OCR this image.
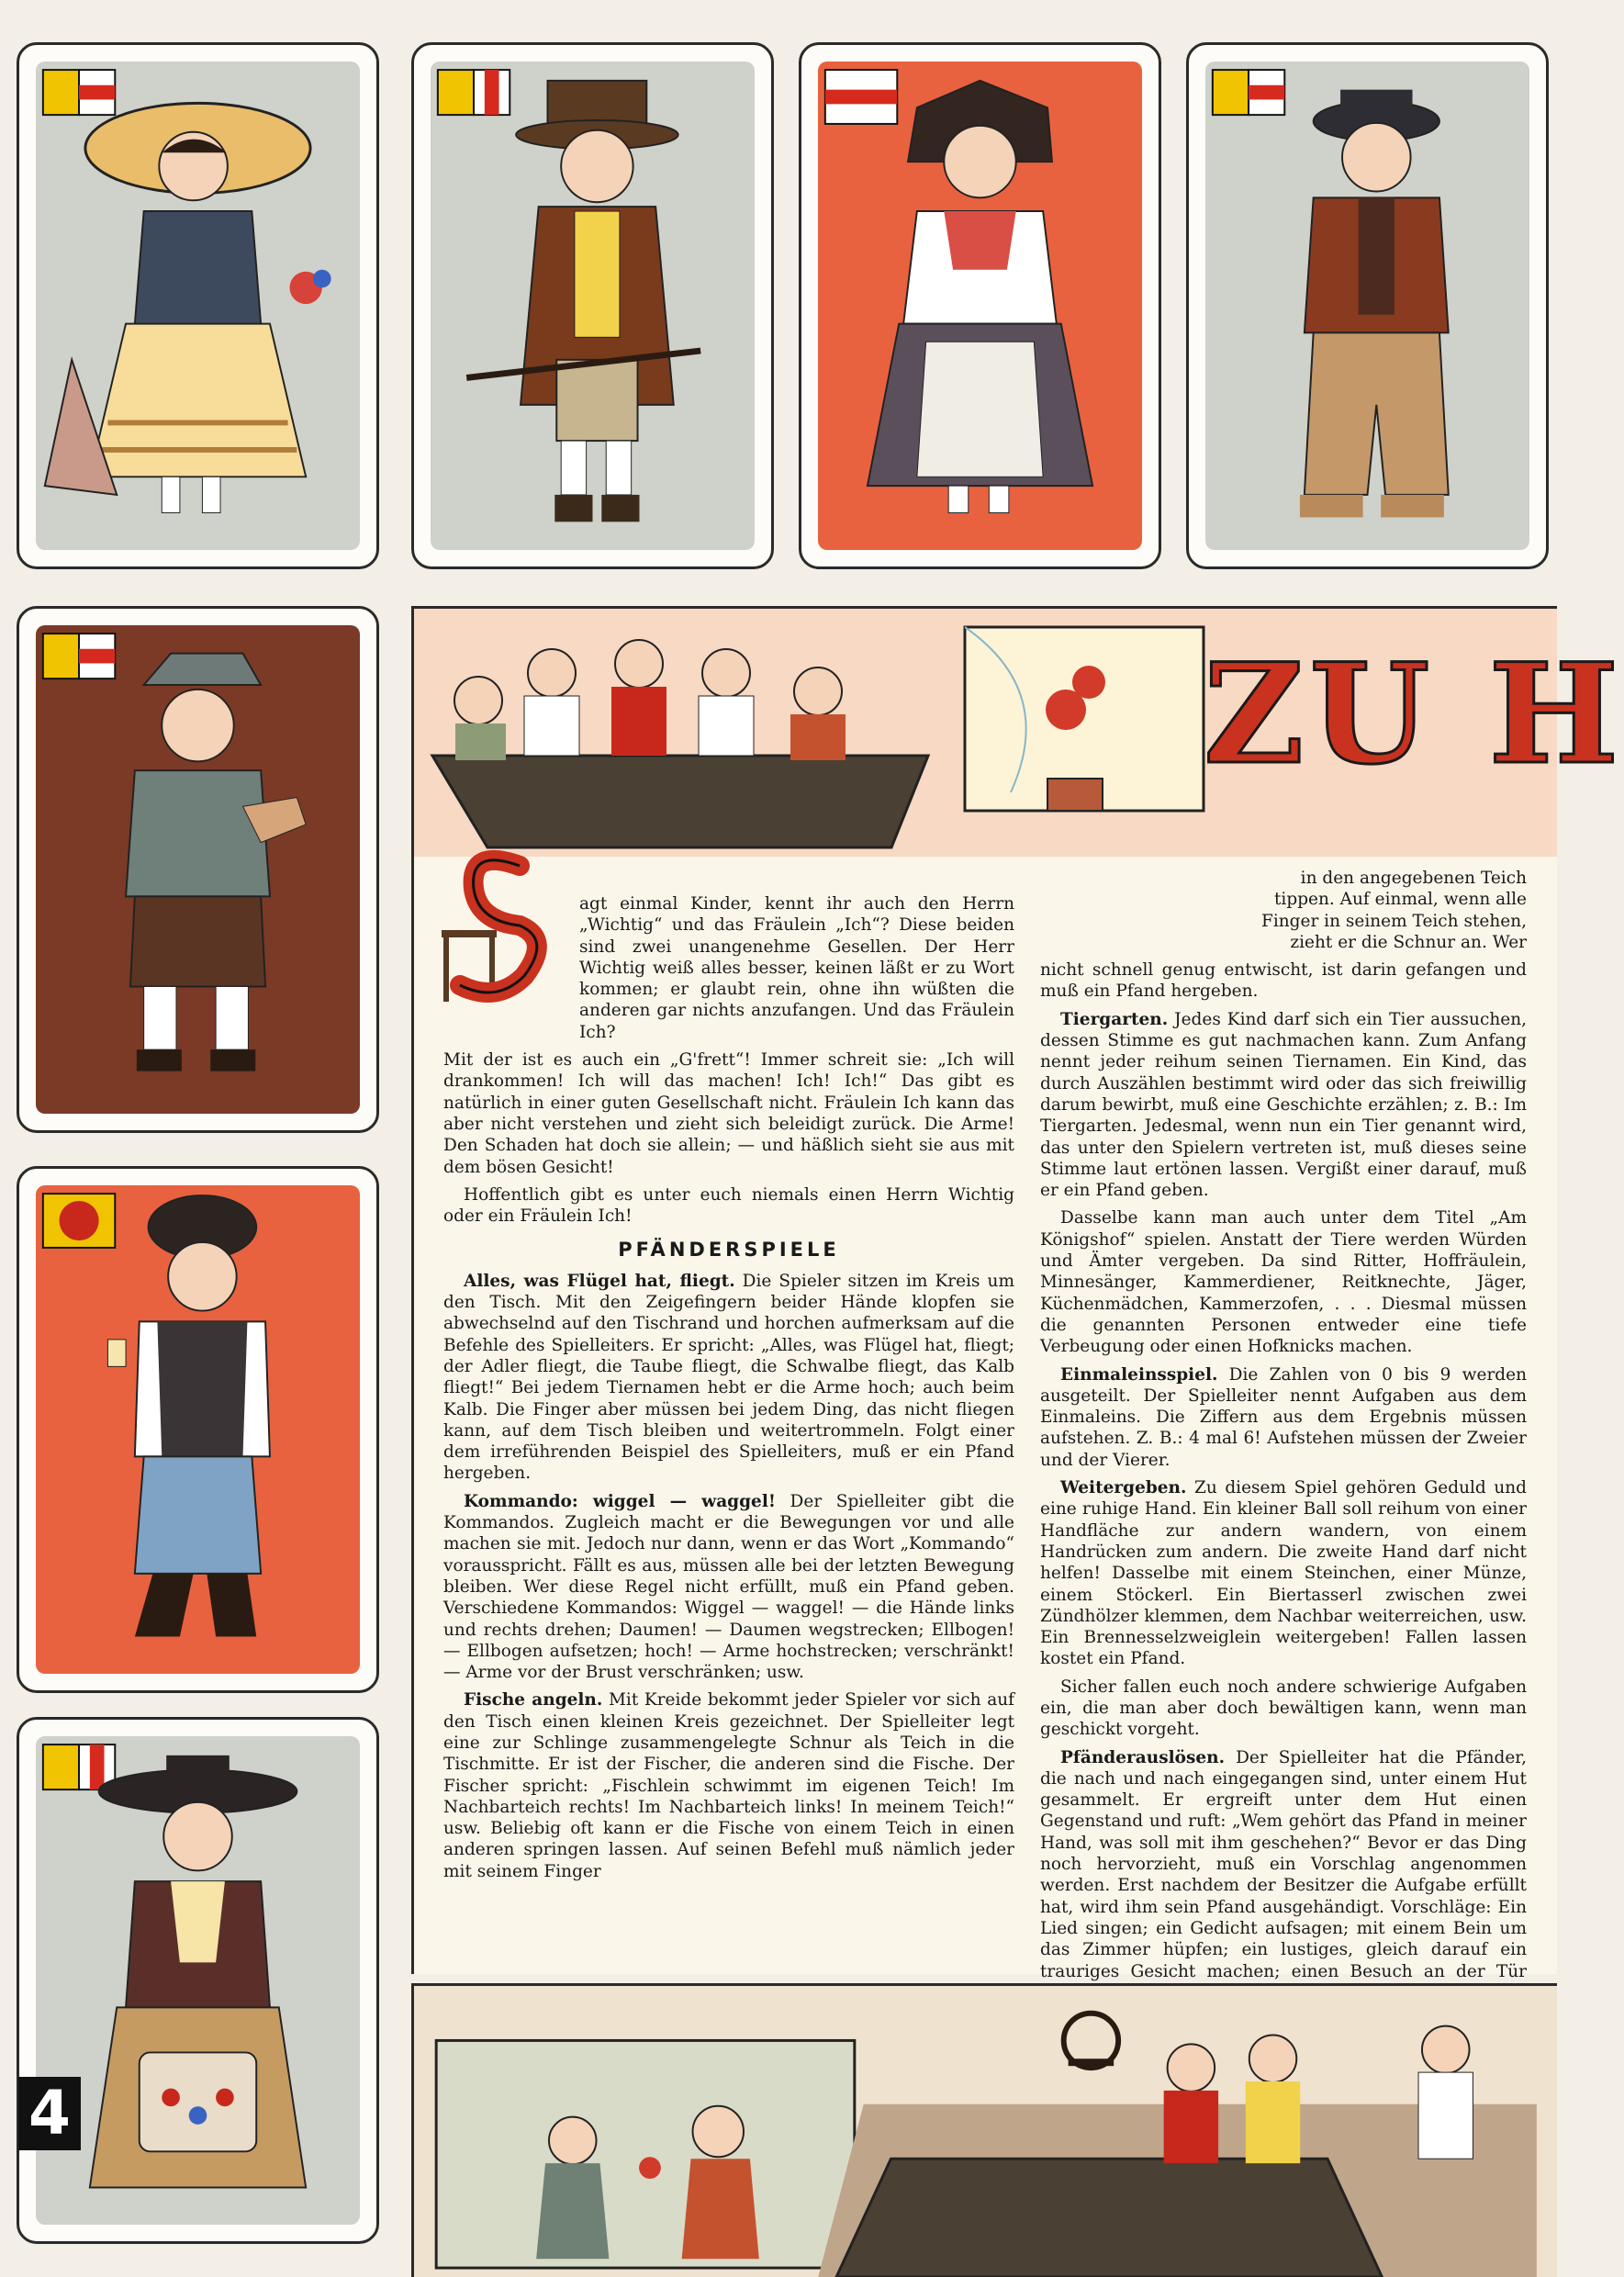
ZU H

agt einmal Kinder, kennt ihr auch den Herrn „Wichtig“ und das Fräulein „Ich“? Diese beiden sind zwei unangenehme Gesellen. Der Herr Wichtig weiß alles besser, keinen läßt er zu Wort kommen; er glaubt rein, ohne ihn wüßten die anderen gar nichts anzufangen. Und das Fräulein Ich?

Mit der ist es auch ein „G'frett“! Immer schreit sie: „Ich will drankommen! Ich will das machen! Ich! Ich!“ Das gibt es natürlich in einer guten Gesellschaft nicht. Fräulein Ich kann das aber nicht verstehen und zieht sich beleidigt zurück. Die Arme! Den Schaden hat doch sie allein; — und häßlich sieht sie aus mit dem bösen Gesicht!

Hoffentlich gibt es unter euch niemals einen Herrn Wichtig oder ein Fräulein Ich!

PFÄNDERSPIELE

Alles, was Flügel hat, fliegt. Die Spieler sitzen im Kreis um den Tisch. Mit den Zeigefingern beider Hände klopfen sie abwechselnd auf den Tischrand und horchen aufmerksam auf die Befehle des Spielleiters. Er spricht: „Alles, was Flügel hat, fliegt; der Adler fliegt, die Taube fliegt, die Schwalbe fliegt, das Kalb fliegt!“ Bei jedem Tiernamen hebt er die Arme hoch; auch beim Kalb. Die Finger aber müssen bei jedem Ding, das nicht fliegen kann, auf dem Tisch bleiben und weitertrommeln. Folgt einer dem irreführenden Beispiel des Spielleiters, muß er ein Pfand hergeben.

Kommando: wiggel — waggel! Der Spielleiter gibt die Kommandos. Zugleich macht er die Bewegungen vor und alle machen sie mit. Jedoch nur dann, wenn er das Wort „Kommando“ vorausspricht. Fällt es aus, müssen alle bei der letzten Bewegung bleiben. Wer diese Regel nicht erfüllt, muß ein Pfand geben. Verschiedene Kommandos: Wiggel — waggel! — die Hände links und rechts drehen; Daumen! — Daumen wegstrecken; Ellbogen! — Ellbogen aufsetzen; hoch! — Arme hochstrecken; verschränkt! — Arme vor der Brust verschränken; usw.

Fische angeln. Mit Kreide bekommt jeder Spieler vor sich auf den Tisch einen kleinen Kreis gezeichnet. Der Spielleiter legt eine zur Schlinge zusammengelegte Schnur als Teich in die Tischmitte. Er ist der Fischer, die anderen sind die Fische. Der Fischer spricht: „Fischlein schwimmt im eigenen Teich! Im Nachbarteich rechts! Im Nachbarteich links! In meinem Teich!“ usw. Beliebig oft kann er die Fische von einem Teich in einen anderen springen lassen. Auf seinen Befehl muß nämlich jeder mit seinem Finger

in den angegebenen Teich tippen. Auf einmal, wenn alle Finger in seinem Teich stehen, zieht er die Schnur an. Wer

nicht schnell genug entwischt, ist darin gefangen und muß ein Pfand hergeben.

Tiergarten. Jedes Kind darf sich ein Tier aussuchen, dessen Stimme es gut nachmachen kann. Zum Anfang nennt jeder reihum seinen Tiernamen. Ein Kind, das durch Auszählen bestimmt wird oder das sich freiwillig darum bewirbt, muß eine Geschichte erzählen; z. B.: Im Tiergarten. Jedesmal, wenn nun ein Tier genannt wird, das unter den Spielern vertreten ist, muß dieses seine Stimme laut ertönen lassen. Vergißt einer darauf, muß er ein Pfand geben.

Dasselbe kann man auch unter dem Titel „Am Königshof“ spielen. Anstatt der Tiere werden Würden und Ämter vergeben. Da sind Ritter, Hoffräulein, Minnesänger, Kammerdiener, Reitknechte, Jäger, Küchenmädchen, Kammerzofen, . . . Diesmal müssen die genannten Personen entweder eine tiefe Verbeugung oder einen Hofknicks machen.

Einmaleinsspiel. Die Zahlen von 0 bis 9 werden ausgeteilt. Der Spielleiter nennt Aufgaben aus dem Einmaleins. Die Ziffern aus dem Ergebnis müssen aufstehen. Z. B.: 4 mal 6! Aufstehen müssen der Zweier und der Vierer.

Weitergeben. Zu diesem Spiel gehören Geduld und eine ruhige Hand. Ein kleiner Ball soll reihum von einer Handfläche zur andern wandern, von einem Handrücken zum andern. Die zweite Hand darf nicht helfen! Dasselbe mit einem Steinchen, einer Münze, einem Stöckerl. Ein Biertasserl zwischen zwei Zündhölzer klemmen, dem Nachbar weiterreichen, usw. Ein Brennesselzweiglein weitergeben! Fallen lassen kostet ein Pfand.

Sicher fallen euch noch andere schwierige Aufgaben ein, die man aber doch bewältigen kann, wenn man geschickt vorgeht.

Pfänderauslösen. Der Spielleiter hat die Pfänder, die nach und nach eingegangen sind, unter einem Hut gesammelt. Er ergreift unter dem Hut einen Gegenstand und ruft: „Wem gehört das Pfand in meiner Hand, was soll mit ihm geschehen?“ Bevor er das Ding noch hervorzieht, muß ein Vorschlag angenommen werden. Erst nachdem der Besitzer die Aufgabe erfüllt hat, wird ihm sein Pfand ausgehändigt. Vorschläge: Ein Lied singen; ein Gedicht aufsagen; mit einem Bein um das Zimmer hüpfen; ein lustiges, gleich darauf ein trauriges Gesicht machen; einen Besuch an der Tür

4
